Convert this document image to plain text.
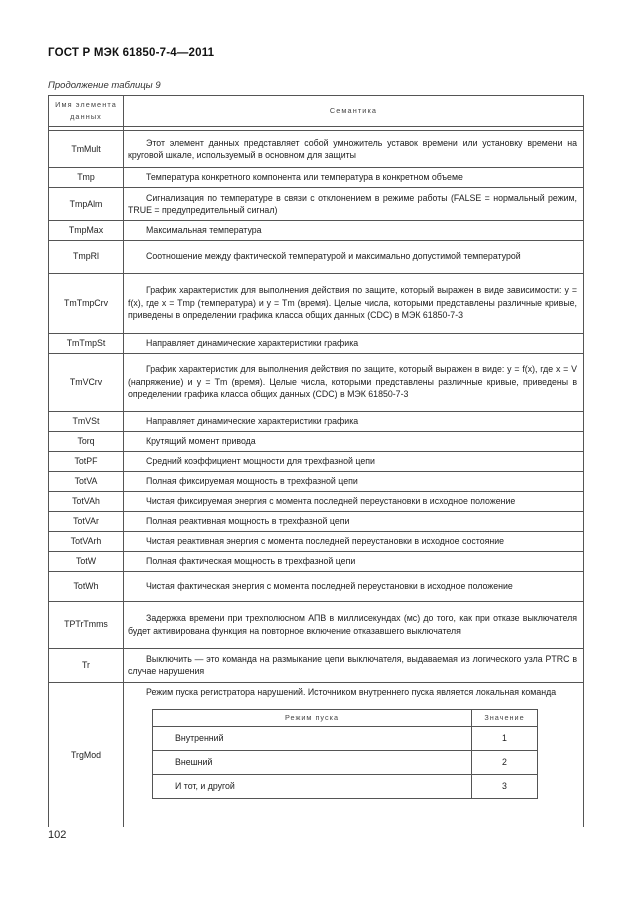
ГОСТ Р МЭК 61850-7-4—2011
Продолжение таблицы 9
Имя элемента данных	Семантика

TmMult	Этот элемент данных представляет собой умножитель уставок времени или установку времени на круговой шкале, используемый в основном для защиты
Tmp	Температура конкретного компонента или температура в конкретном объеме
TmpAlm	Сигнализация по температуре в связи с отклонением в режиме работы (FALSE = нормальный режим, TRUE = предупредительный сигнал)
TmpMax	Максимальная температура
TmpRl	Соотношение между фактической температурой и максимально допустимой температурой
TmTmpCrv	График характеристик для выполнения действия по защите, который выражен в виде зависимости: y = f(x), где x = Tmp (температура) и y = Tm (время). Целые числа, которыми представлены различные кривые, приведены в определении графика класса общих данных (CDC) в МЭК 61850-7-3
TmTmpSt	Направляет динамические характеристики графика
TmVCrv	График характеристик для выполнения действия по защите, который выражен в виде: y = f(x), где x = V (напряжение) и y = Tm (время). Целые числа, которыми представлены различные кривые, приведены в определении графика класса общих данных (CDC) в МЭК 61850-7-3
TmVSt	Направляет динамические характеристики графика
Torq	Крутящий момент привода
TotPF	Средний коэффициент мощности для трехфазной цепи
TotVA	Полная фиксируемая мощность в трехфазной цепи
TotVAh	Чистая фиксируемая энергия с момента последней переустановки в исходное положение
TotVAr	Полная реактивная мощность в трехфазной цепи
TotVArh	Чистая реактивная энергия с момента последней переустановки в исходное состояние
TotW	Полная фактическая мощность в трехфазной цепи
TotWh	Чистая фактическая энергия с момента последней переустановки в исходное положение
TPTrTmms	Задержка времени при трехполюсном АПВ в миллисекундах (мс) до того, как при отказе выключателя будет активирована функция на повторное включение отказавшего выключателя
Tr	Выключить — это команда на размыкание цепи выключателя, выдаваемая из логического узла PTRC в случае нарушения
TrgMod	Режим пуска регистратора нарушений. Источником внутреннего пуска является локальная команда
Режим пуска	Значение
Внутренний	1
Внешний	2
И тот, и другой	3
102
